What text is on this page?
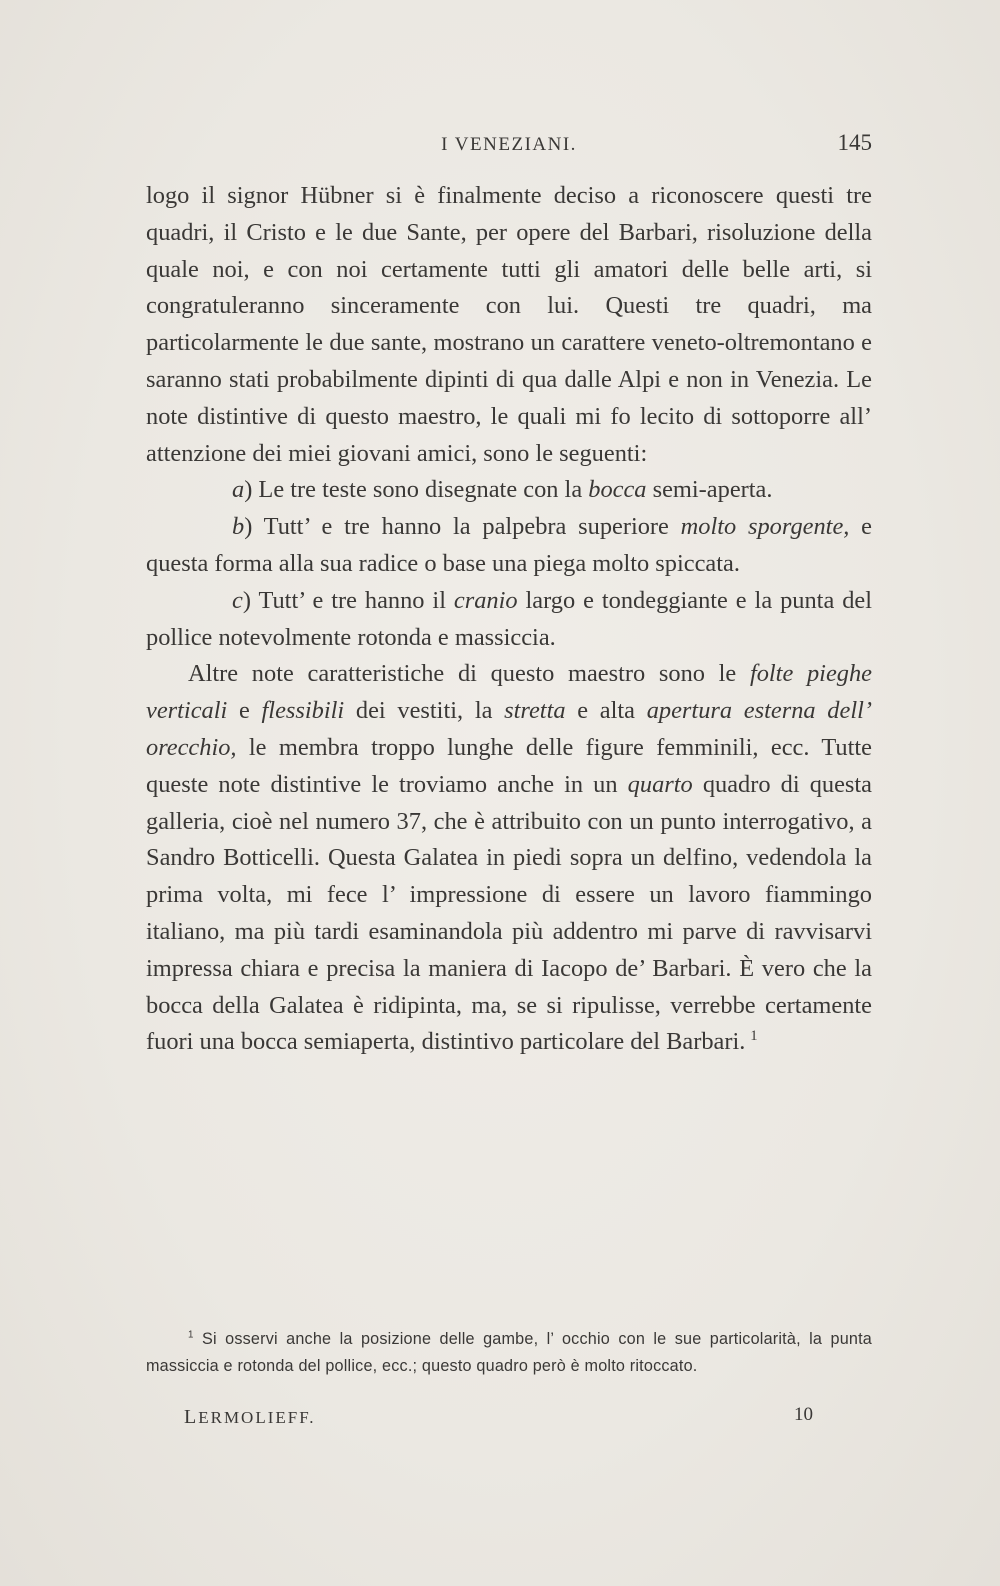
I VENEZIANI.	145

logo il signor Hübner si è finalmente deciso a riconoscere questi tre quadri, il Cristo e le due Sante, per opere del Barbari, risoluzione della quale noi, e con noi certamente tutti gli amatori delle belle arti, si congratuleranno sinceramente con lui. Questi tre quadri, ma particolarmente le due sante, mostrano un carattere veneto-oltremontano e saranno stati probabilmente dipinti di qua dalle Alpi e non in Venezia. Le note distintive di questo maestro, le quali mi fo lecito di sottoporre all’ attenzione dei miei giovani amici, sono le seguenti:

a) Le tre teste sono disegnate con la bocca semi-aperta.

b) Tutt’ e tre hanno la palpebra superiore molto sporgente, e questa forma alla sua radice o base una piega molto spiccata.

c) Tutt’ e tre hanno il cranio largo e tondeggiante e la punta del pollice notevolmente rotonda e massiccia.

Altre note caratteristiche di questo maestro sono le folte pieghe verticali e flessibili dei vestiti, la stretta e alta apertura esterna dell’ orecchio, le membra troppo lunghe delle figure femminili, ecc. Tutte queste note distintive le troviamo anche in un quarto quadro di questa galleria, cioè nel numero 37, che è attribuito con un punto interrogativo, a Sandro Botticelli. Questa Galatea in piedi sopra un delfino, vedendola la prima volta, mi fece l’ impressione di essere un lavoro fiammingo italiano, ma più tardi esaminandola più addentro mi parve di ravvisarvi impressa chiara e precisa la maniera di Iacopo de’ Barbari. È vero che la bocca della Galatea è ridipinta, ma, se si ripulisse, verrebbe certamente fuori una bocca semiaperta, distintivo particolare del Barbari.  $^1$

$^1$ Si osservi anche la posizione delle gambe, l’ occhio con le sue particolarità, la punta massiccia e rotonda del pollice, ecc.; questo quadro però è molto ritoccato.

LERMOLIEFF.	10
